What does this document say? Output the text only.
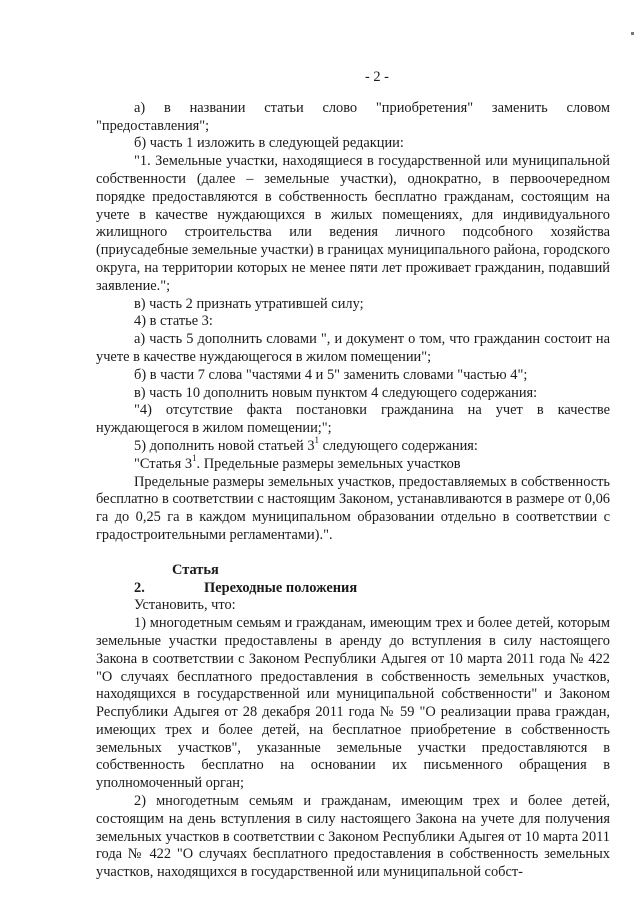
- 2 -

а) в названии статьи слово "приобретения" заменить словом "предоставления";

б) часть 1 изложить в следующей редакции:

"1. Земельные участки, находящиеся в государственной или муниципальной собственности (далее – земельные участки), однократно, в первоочередном порядке предоставляются в собственность бесплатно гражданам, состоящим на учете в качестве нуждающихся в жилых помещениях, для индивидуального жилищного строительства или ведения личного подсобного хозяйства (приусадебные земельные участки) в границах муниципального района, городского округа, на территории которых не менее пяти лет проживает гражданин, подавший заявление.";

в) часть 2 признать утратившей силу;

4) в статье 3:

а) часть 5 дополнить словами ", и документ о том, что гражданин состоит на учете в качестве нуждающегося в жилом помещении";

б) в части 7 слова "частями 4 и 5" заменить словами "частью 4";

в) часть 10 дополнить новым пунктом 4 следующего содержания:

"4) отсутствие факта постановки гражданина на учет в качестве нуждающегося в жилом помещении;";

5) дополнить новой статьей $3^1$ следующего содержания:

"Статья $3^1$. Предельные размеры земельных участков

Предельные размеры земельных участков, предоставляемых в собственность бесплатно в соответствии с настоящим Законом, устанавливаются в размере от 0,06 га до 0,25 га в каждом муниципальном образовании отдельно в соответствии с градостроительными регламентами).".

Статья 2.	Переходные положения

Установить, что:

1) многодетным семьям и гражданам, имеющим трех и более детей, которым земельные участки предоставлены в аренду до вступления в силу настоящего Закона в соответствии с Законом Республики Адыгея от 10 марта 2011 года № 422 "О случаях бесплатного предоставления в собственность земельных участков, находящихся в государственной или муниципальной собственности" и Законом Республики Адыгея от 28 декабря 2011 года № 59 "О реализации права граждан, имеющих трех и более детей, на бесплатное приобретение в собственность земельных участков", указанные земельные участки предоставляются в собственность бесплатно на основании их письменного обращения в уполномоченный орган;

2) многодетным семьям и гражданам, имеющим трех и более детей, состоящим на день вступления в силу настоящего Закона на учете для получения земельных участков в соответствии с Законом Республики Адыгея от 10 марта 2011 года № 422 "О случаях бесплатного предоставления в собственность земельных участков, находящихся в государственной или муниципальной собст-
